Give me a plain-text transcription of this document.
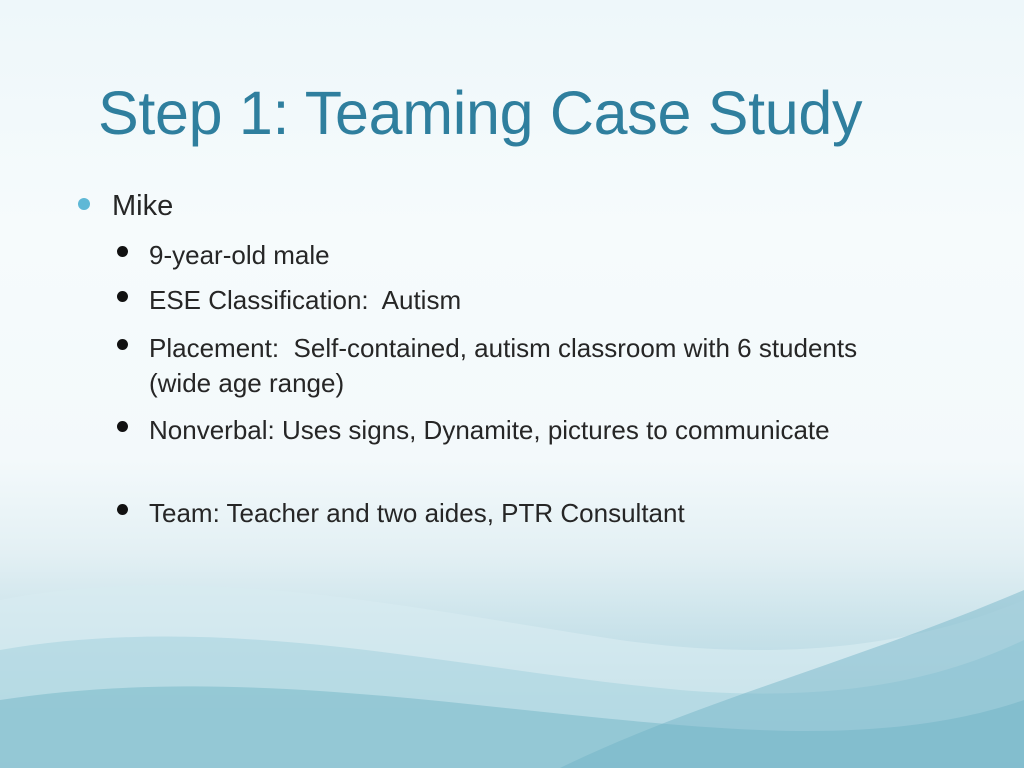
Step 1: Teaming Case Study
Mike
9-year-old male
ESE Classification:  Autism
Placement:  Self-contained, autism classroom with 6 students (wide age range)
Nonverbal: Uses signs, Dynamite, pictures to communicate
Team: Teacher and two aides, PTR Consultant
